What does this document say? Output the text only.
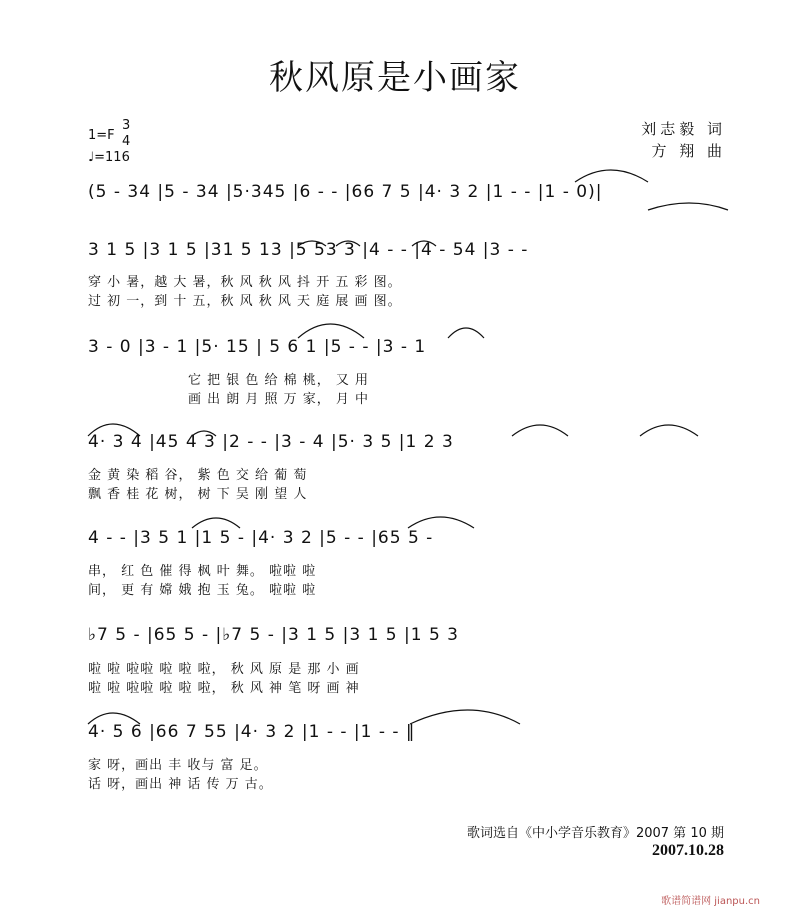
秋风原是小画家
1=F
3
4
♩=116
刘志毅 词
方 翔 曲
(5 - 34 |5 - 34 |5·345 |6 - - |66 7 5 |4· 3 2 |1 - - |1 - 0)|
3 1 5 |3 1 5 |31 5 13 |5 53 3 |4 - - |4 - 54 |3 - -
穿 小 暑，越 大 暑，秋 风 秋 风 抖 开 五 彩 图。
过 初 一，到 十 五，秋 风 秋 风 天 庭 展 画 图。
3 - 0 |3 - 1 |5· 15 | 5 6 1 |5 - - |3 - 1
它 把 银 色 给 棉 桃， 又 用
画 出 朗 月 照 万 家， 月 中
4· 3 4 |45 4 3 |2 - - |3 - 4 |5· 3 5 |1 2 3
金 黄 染 稻 谷， 紫 色 交 给 葡 萄
飘 香 桂 花 树， 树 下 吴 刚 望 人
4 - - |3 5 1 |1 5 - |4· 3 2 |5 - - |65 5 -
串， 红 色 催 得 枫 叶 舞。 啦啦 啦
间， 更 有 嫦 娥 抱 玉 兔。 啦啦 啦
♭7 5 - |65 5 - |♭7 5 - |3 1 5 |3 1 5 |1 5 3
啦 啦 啦啦 啦 啦 啦， 秋 风 原 是 那 小 画
啦 啦 啦啦 啦 啦 啦， 秋 风 神 笔 呀 画 神
4· 5 6 |66 7 55 |4· 3 2 |1 - - |1 - - ‖
家 呀，画出 丰 收与 富 足。
话 呀，画出 神 话 传 万 古。
歌词选自《中小学音乐教育》2007 第 10 期
2007.10.28
歌谱简谱网 jianpu.cn
